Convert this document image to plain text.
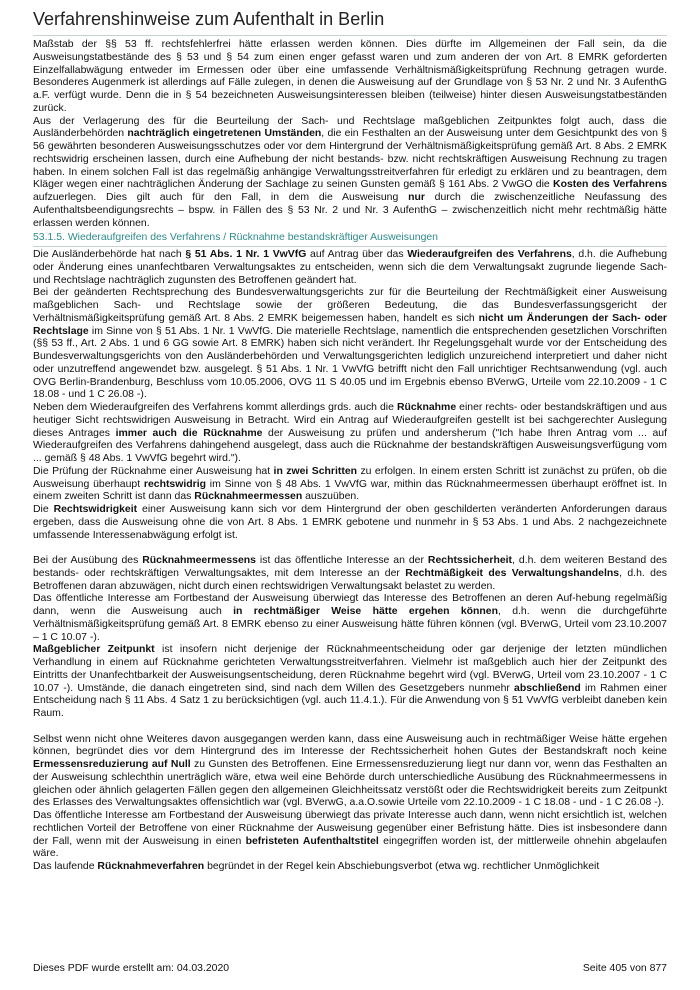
Verfahrenshinweise zum Aufenthalt in Berlin

Maßstab der §§ 53 ff. rechtsfehlerfrei hätte erlassen werden können. Dies dürfte im Allgemeinen der Fall sein, da die Ausweisungstatbestände des § 53 und § 54 zum einen enger gefasst waren und zum anderen der von Art. 8 EMRK geforderten Einzelfallabwägung entweder im Ermessen oder über eine umfassende Verhältnismäßigkeitsprüfung Rechnung getragen wurde. Besonderes Augenmerk ist allerdings auf Fälle zulegen, in denen die Ausweisung auf der Grundlage von § 53 Nr. 2 und Nr. 3 AufenthG a.F. verfügt wurde. Denn die in § 54 bezeichneten Ausweisungsinteressen bleiben (teilweise) hinter diesen Ausweisungstatbeständen zurück.

Aus der Verlagerung des für die Beurteilung der Sach- und Rechtslage maßgeblichen Zeitpunktes folgt auch, dass die Ausländerbehörden nachträglich eingetretenen Umständen, die ein Festhalten an der Ausweisung unter dem Gesichtpunkt des von § 56 gewährten besonderen Ausweisungsschutzes oder vor dem Hintergrund der Verhältnismäßigkeitsprüfung gemäß Art. 8 Abs. 2 EMRK rechtswidrig erscheinen lassen, durch eine Aufhebung der nicht bestands- bzw. nicht rechtskräftigen Ausweisung Rechnung zu tragen haben. In einem solchen Fall ist das regelmäßig anhängige Verwaltungsstreitverfahren für erledigt zu erklären und zu beantragen, dem Kläger wegen einer nachträglichen Änderung der Sachlage zu seinen Gunsten gemäß § 161 Abs. 2 VwGO die Kosten des Verfahrens aufzuerlegen. Dies gilt auch für den Fall, in dem die Ausweisung nur durch die zwischenzeitliche Neufassung des Aufenthaltsbeendigungsrechts – bspw. in Fällen des § 53 Nr. 2 und Nr. 3 AufenthG – zwischenzeitlich nicht mehr rechtmäßig hätte erlassen werden können.

53.1.5. Wiederaufgreifen des Verfahrens / Rücknahme bestandskräftiger Ausweisungen

Die Ausländerbehörde hat nach § 51 Abs. 1 Nr. 1 VwVfG auf Antrag über das Wiederaufgreifen des Verfahrens, d.h. die Aufhebung oder Änderung eines unanfechtbaren Verwaltungsaktes zu entscheiden, wenn sich die dem Verwaltungsakt zugrunde liegende Sach- und Rechtslage nachträglich zugunsten des Betroffenen geändert hat.

Bei der geänderten Rechtsprechung des Bundesverwaltungsgerichts zur für die Beurteilung der Rechtmäßigkeit einer Ausweisung maßgeblichen Sach- und Rechtslage sowie der größeren Bedeutung, die das Bundesverfassungsgericht der Verhältnismäßigkeitsprüfung gemäß Art. 8 Abs. 2 EMRK beigemessen haben, handelt es sich nicht um Änderungen der Sach- oder Rechtslage im Sinne von § 51 Abs. 1 Nr. 1 VwVfG. Die materielle Rechtslage, namentlich die entsprechenden gesetzlichen Vorschriften (§§ 53 ff., Art. 2 Abs. 1 und 6 GG sowie Art. 8 EMRK) haben sich nicht verändert. Ihr Regelungsgehalt wurde vor der Entscheidung des Bundesverwaltungsgerichts von den Ausländerbehörden und Verwaltungsgerichten lediglich unzureichend interpretiert und daher nicht oder unzutreffend angewendet bzw. ausgelegt. § 51 Abs. 1 Nr. 1 VwVfG betrifft nicht den Fall unrichtiger Rechtsanwendung (vgl. auch OVG Berlin-Brandenburg, Beschluss vom 10.05.2006, OVG 11 S 40.05 und im Ergebnis ebenso BVerwG, Urteile vom 22.10.2009 - 1 C 18.08 - und 1 C 26.08 -).

Neben dem Wiederaufgreifen des Verfahrens kommt allerdings grds. auch die Rücknahme einer rechts- oder bestandskräftigen und aus heutiger Sicht rechtswidrigen Ausweisung in Betracht. Wird ein Antrag auf Wiederaufgreifen gestellt ist bei sachgerechter Auslegung dieses Antrages immer auch die Rücknahme der Ausweisung zu prüfen und andersherum ("Ich habe Ihren Antrag vom ... auf Wiederaufgreifen des Verfahrens dahingehend ausgelegt, dass auch die Rücknahme der bestandskräftigen Ausweisungsverfügung vom ... gemäß § 48 Abs. 1 VwVfG begehrt wird.").

Die Prüfung der Rücknahme einer Ausweisung hat in zwei Schritten zu erfolgen. In einem ersten Schritt ist zunächst zu prüfen, ob die Ausweisung überhaupt rechtswidrig im Sinne von § 48 Abs. 1 VwVfG war, mithin das Rücknahmeermessen überhaupt eröffnet ist. In einem zweiten Schritt ist dann das Rücknahmeermessen auszuüben.

Die Rechtswidrigkeit einer Ausweisung kann sich vor dem Hintergrund der oben geschilderten veränderten Anforderungen daraus ergeben, dass die Ausweisung ohne die von Art. 8 Abs. 1 EMRK gebotene und nunmehr in § 53 Abs. 1 und Abs. 2 nachgezeichnete umfassende Interessenabwägung erfolgt ist.

Bei der Ausübung des Rücknahmeermessens ist das öffentliche Interesse an der Rechtssicherheit, d.h. dem weiteren Bestand des bestands- oder rechtskräftigen Verwaltungsaktes, mit dem Interesse an der Rechtmäßigkeit des Verwaltungshandelns, d.h. des Betroffenen daran abzuwägen, nicht durch einen rechtswidrigen Verwaltungsakt belastet zu werden.

Das öffentliche Interesse am Fortbestand der Ausweisung überwiegt das Interesse des Betroffenen an deren Auf-hebung regelmäßig dann, wenn die Ausweisung auch in rechtmäßiger Weise hätte ergehen können, d.h. wenn die durchgeführte Verhältnismäßigkeitsprüfung gemäß Art. 8 EMRK ebenso zu einer Ausweisung hätte führen können (vgl. BVerwG, Urteil vom 23.10.2007 – 1 C 10.07 -).

Maßgeblicher Zeitpunkt ist insofern nicht derjenige der Rücknahmeentscheidung oder gar derjenige der letzten mündlichen Verhandlung in einem auf Rücknahme gerichteten Verwaltungsstreitverfahren. Vielmehr ist maßgeblich auch hier der Zeitpunkt des Eintritts der Unanfechtbarkeit der Ausweisungsentscheidung, deren Rücknahme begehrt wird (vgl. BVerwG, Urteil vom 23.10.2007 - 1 C 10.07 -). Umstände, die danach eingetreten sind, sind nach dem Willen des Gesetzgebers nunmehr abschließend im Rahmen einer Entscheidung nach § 11 Abs. 4 Satz 1 zu berücksichtigen (vgl. auch 11.4.1.). Für die Anwendung von § 51 VwVfG verbleibt daneben kein Raum.

Selbst wenn nicht ohne Weiteres davon ausgegangen werden kann, dass eine Ausweisung auch in rechtmäßiger Weise hätte ergehen können, begründet dies vor dem Hintergrund des im Interesse der Rechtssicherheit hohen Gutes der Bestandskraft noch keine Ermessensreduzierung auf Null zu Gunsten des Betroffenen. Eine Ermessensreduzierung liegt nur dann vor, wenn das Festhalten an der Ausweisung schlechthin unerträglich wäre, etwa weil eine Behörde durch unterschiedliche Ausübung des Rücknahmeermessens in gleichen oder ähnlich gelagerten Fällen gegen den allgemeinen Gleichheitssatz verstößt oder die Rechtswidrigkeit bereits zum Zeitpunkt des Erlasses des Verwaltungsaktes offensichtlich war (vgl. BVerwG, a.a.O.sowie Urteile vom 22.10.2009 - 1 C 18.08 - und - 1 C 26.08 -).

Das öffentliche Interesse am Fortbestand der Ausweisung überwiegt das private Interesse auch dann, wenn nicht ersichtlich ist, welchen rechtlichen Vorteil der Betroffene von einer Rücknahme der Ausweisung gegenüber einer Befristung hätte. Dies ist insbesondere dann der Fall, wenn mit der Ausweisung in einen befristeten Aufenthaltstitel eingegriffen worden ist, der mittlerweile ohnehin abgelaufen wäre.

Das laufende Rücknahmeverfahren begründet in der Regel kein Abschiebungsverbot (etwa wg. rechtlicher Unmöglichkeit

Dieses PDF wurde erstellt am: 04.03.2020	Seite 405 von 877
